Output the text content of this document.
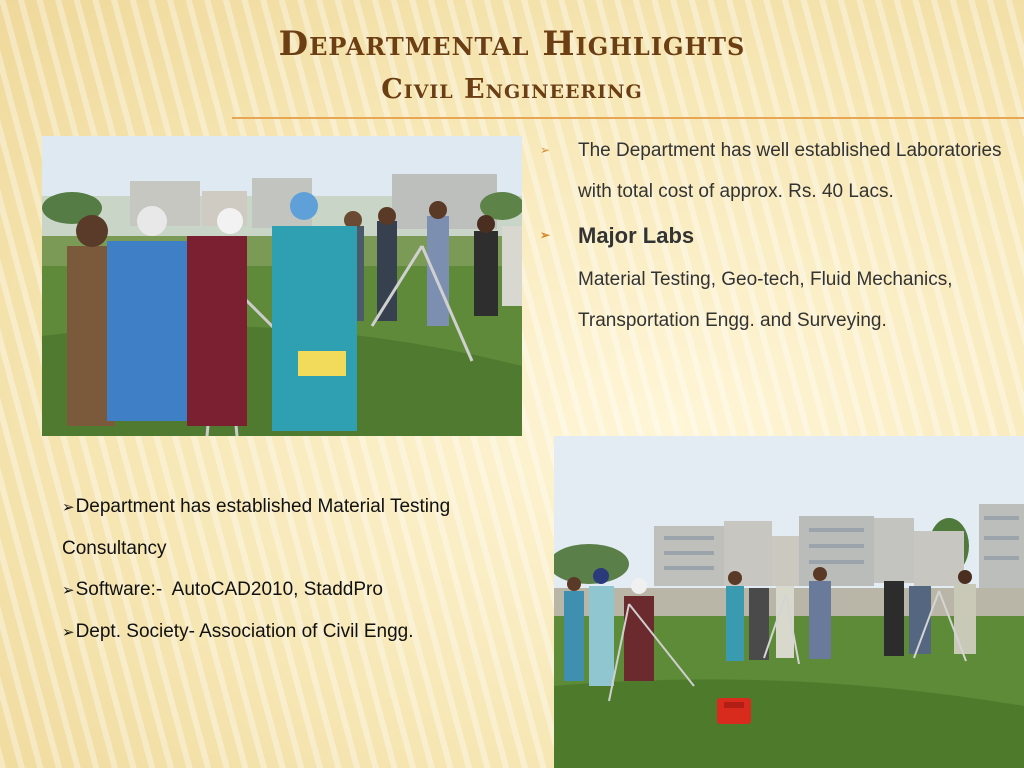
Departmental Highlights
Civil Engineering

➢ The Department has well established Laboratories with total cost of approx. Rs. 40 Lacs.

➢ Major Labs

Material Testing, Geo-tech, Fluid Mechanics, Transportation Engg. and Surveying.

➢Department has established Material Testing   Consultancy

➢Software:-  AutoCAD2010, StaddPro

➢Dept. Society- Association of Civil Engg.
